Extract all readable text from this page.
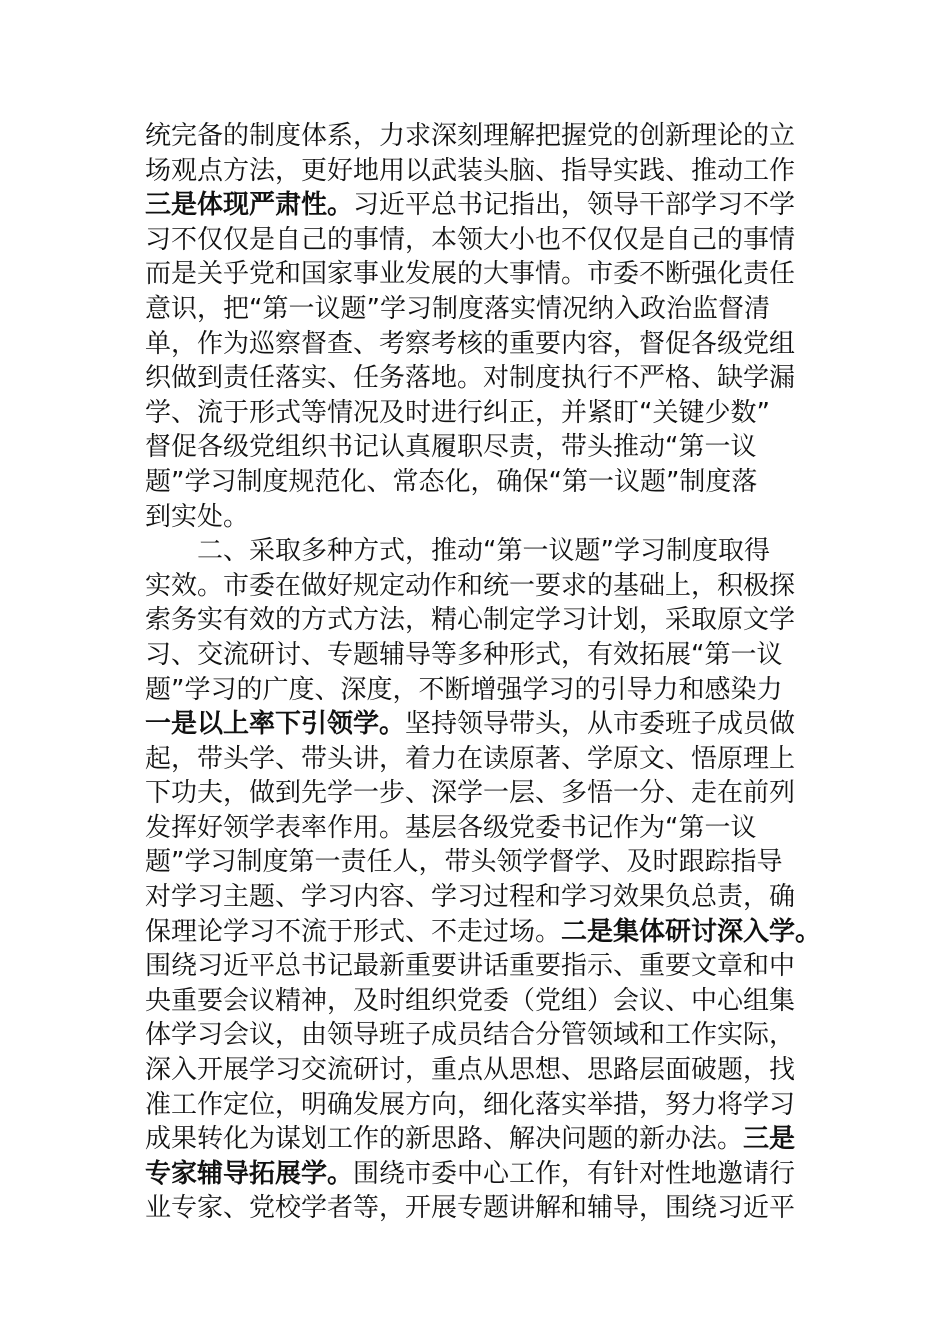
统完备的制度体系，力求深刻理解把握党的创新理论的立
场观点方法，更好地用以武装头脑、指导实践、推动工作
三是体现严肃性。习近平总书记指出，领导干部学习不学
习不仅仅是自己的事情，本领大小也不仅仅是自己的事情
而是关乎党和国家事业发展的大事情。市委不断强化责任
意识，把“第一议题”学习制度落实情况纳入政治监督清
单，作为巡察督查、考察考核的重要内容，督促各级党组
织做到责任落实、任务落地。对制度执行不严格、缺学漏
学、流于形式等情况及时进行纠正，并紧盯“关键少数”
督促各级党组织书记认真履职尽责，带头推动“第一议
题”学习制度规范化、常态化，确保“第一议题”制度落
到实处。
二、采取多种方式，推动“第一议题”学习制度取得
实效。市委在做好规定动作和统一要求的基础上，积极探
索务实有效的方式方法，精心制定学习计划，采取原文学
习、交流研讨、专题辅导等多种形式，有效拓展“第一议
题”学习的广度、深度，不断增强学习的引导力和感染力
一是以上率下引领学。坚持领导带头，从市委班子成员做
起，带头学、带头讲，着力在读原著、学原文、悟原理上
下功夫，做到先学一步、深学一层、多悟一分、走在前列
发挥好领学表率作用。基层各级党委书记作为“第一议
题”学习制度第一责任人，带头领学督学、及时跟踪指导
对学习主题、学习内容、学习过程和学习效果负总责，确
保理论学习不流于形式、不走过场。二是集体研讨深入学。
围绕习近平总书记最新重要讲话重要指示、重要文章和中
央重要会议精神，及时组织党委（党组）会议、中心组集
体学习会议，由领导班子成员结合分管领域和工作实际，
深入开展学习交流研讨，重点从思想、思路层面破题，找
准工作定位，明确发展方向，细化落实举措，努力将学习
成果转化为谋划工作的新思路、解决问题的新办法。三是
专家辅导拓展学。围绕市委中心工作，有针对性地邀请行
业专家、党校学者等，开展专题讲解和辅导，围绕习近平
